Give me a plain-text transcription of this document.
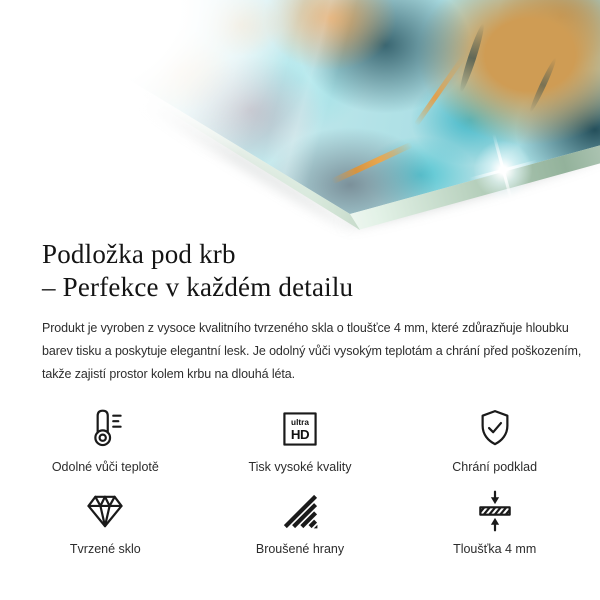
Podložka pod krb
– Perfekce v každém detailu

Produkt je vyroben z vysoce kvalitního tvrzeného skla o tloušťce 4 mm, které zdůrazňuje hloubku
barev tisku a poskytuje elegantní lesk. Je odolný vůči vysokým teplotám a chrání před poškozením,
takže zajistí prostor kolem krbu na dlouhá léta.

Odolné vůči teplotě
ultra
HD
Tisk vysoké kvality	Chrání podklad
Tvrzené sklo	Broušené hrany	Tloušťka 4 mm
